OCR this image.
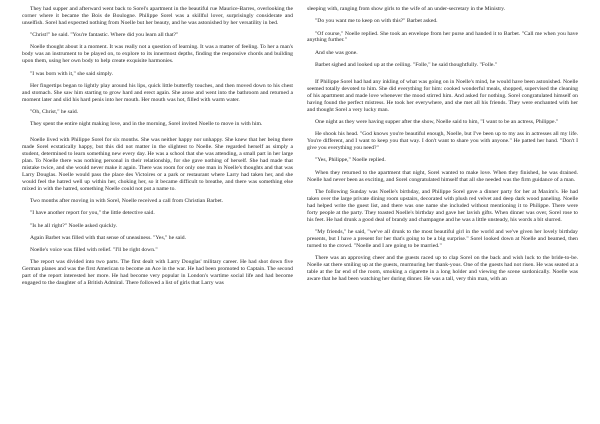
They had supper and afterward went back to Sorel's apartment in the beautiful rue Maurice-Barres, overlooking the corner where it became the Bois de Boulogne. Philippe Sorel was a skillful lover, surprisingly considerate and unselfish. Sorel had expected nothing from Noelle but her beauty, and he was astonished by her versatility in bed.

"Christ!" he said. "You're fantastic. Where did you learn all that?"

Noelle thought about it a moment. It was really not a question of learning. It was a matter of feeling. To her a man's body was an instrument to be played on, to explore to its innermost depths, finding the responsive chords and building upon them, using her own body to help create exquisite harmonies.

"I was born with it," she said simply.

Her fingertips began to lightly play around his lips, quick little butterfly touches, and then moved down to his chest and stomach. She saw him starting to grow hard and erect again. She arose and went into the bathroom and returned a moment later and slid his hard penis into her mouth. Her mouth was hot, filled with warm water.

"Oh, Christ," he said.

They spent the entire night making love, and in the morning, Sorel invited Noelle to move in with him.

Noelle lived with Philippe Sorel for six months. She was neither happy nor unhappy. She knew that her being there made Sorel ecstatically happy, but this did not matter in the slightest to Noelle. She regarded herself as simply a student, determined to learn something new every day. He was a school that she was attending, a small part in her large plan. To Noelle there was nothing personal in their relationship, for she gave nothing of herself. She had made that mistake twice, and she would never make it again. There was room for only one man in Noelle's thoughts and that was Larry Douglas. Noelle would pass the place des Victoires or a park or restaurant where Larry had taken her, and she would feel the hatred well up within her, choking her, so it became difficult to breathe, and there was something else mixed in with the hatred, something Noelle could not put a name to.

Two months after moving in with Sorel, Noelle received a call from Christian Barbet.

"I have another report for you," the little detective said.

"Is he all right?" Noelle asked quickly.

Again Barbet was filled with that sense of uneasiness. "Yes," he said.

Noelle's voice was filled with relief. "I'll be right down."

The report was divided into two parts. The first dealt with Larry Douglas' military career. He had shot down five German planes and was the first American to become an Ace in the war. He had been promoted to Captain. The second part of the report interested her more. He had become very popular in London's wartime social life and had become engaged to the daughter of a British Admiral. There followed a list of girls that Larry was

sleeping with, ranging from show girls to the wife of an under-secretary in the Ministry.

"Do you want me to keep on with this?" Barbet asked.

"Of course," Noelle replied. She took an envelope from her purse and handed it to Barbet. "Call me when you have anything further."

And she was gone.

Barbet sighed and looked up at the ceiling. "Folle," he said thoughtfully. "Folle."

If Philippe Sorel had had any inkling of what was going on in Noelle's mind, he would have been astonished. Noelle seemed totally devoted to him. She did everything for him: cooked wonderful meals, shopped, supervised the cleaning of his apartment and made love whenever the mood stirred him. And asked for nothing. Sorel congratulated himself on having found the perfect mistress. He took her everywhere, and she met all his friends. They were enchanted with her and thought Sorel a very lucky man.

One night as they were having supper after the show, Noelle said to him, "I want to be an actress, Philippe."

He shook his head. "God knows you're beautiful enough, Noelle, but I've been up to my ass in actresses all my life. You're different, and I want to keep you that way. I don't want to share you with anyone." He patted her hand. "Don't I give you everything you need?"

"Yes, Philippe," Noelle replied.

When they returned to the apartment that night, Sorel wanted to make love. When they finished, he was drained. Noelle had never been as exciting, and Sorel congratulated himself that all she needed was the firm guidance of a man.

The following Sunday was Noelle's birthday, and Philippe Sorel gave a dinner party for her at Maxim's. He had taken over the large private dining room upstairs, decorated with plush red velvet and deep dark wood paneling. Noelle had helped write the guest list, and there was one name she included without mentioning it to Philippe. There were forty people at the party. They toasted Noelle's birthday and gave her lavish gifts. When dinner was over, Sorel rose to his feet. He had drunk a good deal of brandy and champagne and he was a little unsteady, his words a bit slurred.

"My friends," he said, "we've all drunk to the most beautiful girl in the world and we've given her lovely birthday presents, but I have a present for her that's going to be a big surprise." Sorel looked down at Noelle and beamed, then turned to the crowd. "Noelle and I are going to be married."

There was an approving cheer and the guests raced up to clap Sorel on the back and wish luck to the bride-to-be. Noelle sat there smiling up at the guests, murmuring her thank-yous. One of the guests had not risen. He was seated at a table at the far end of the room, smoking a cigarette in a long holder and viewing the scene sardonically. Noelle was aware that he had been watching her during dinner. He was a tall, very thin man, with an
